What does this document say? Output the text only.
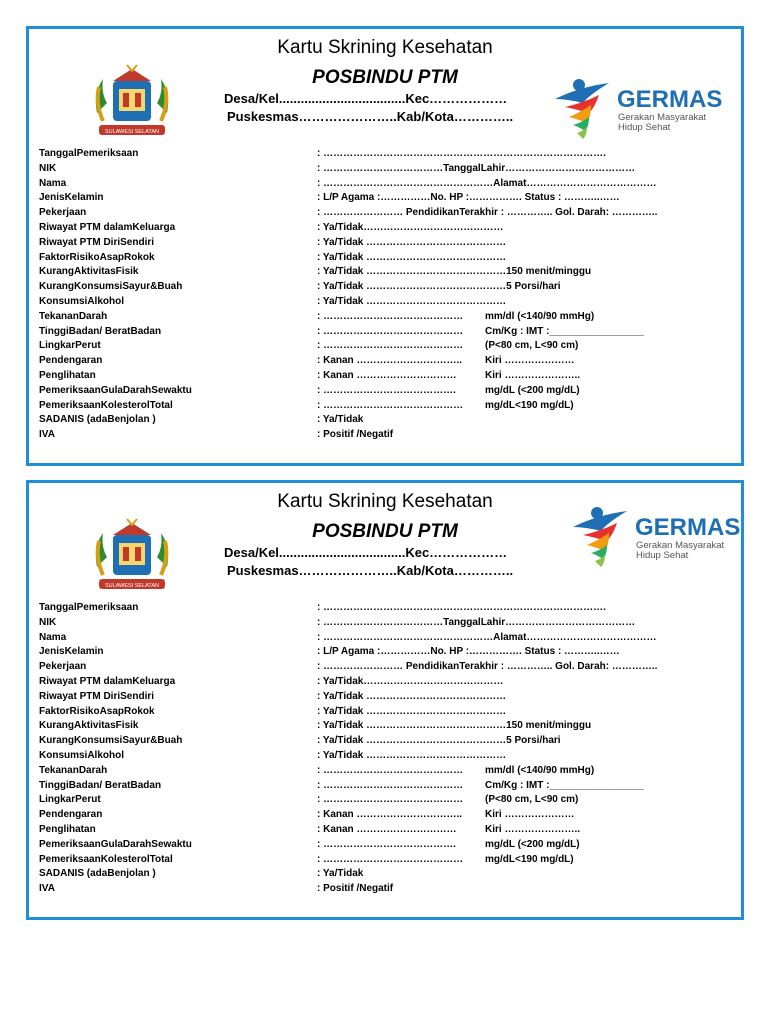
Kartu Skrining Kesehatan
POSBINDU PTM
Desa/Kel...................................Kec………………
Puskesmas…………………..Kab/Kota…………..
SULAWESI SELATAN
GERMAS
Gerakan Masyarakat
Hidup Sehat
TanggalPemeriksaan	: ………………………………………………………………………….
NIK	: ………………………………TanggalLahir…………………………………
Nama	: ……………………………………………Alamat…………………………………
JenisKelamin	: L/P Agama :……………No. HP :……………. Status : ………..……
Pekerjaan	: …………………… PendidikanTerakhir : ………….. Gol. Darah: …………..
Riwayat PTM dalamKeluarga	: Ya/Tidak……………………………………
Riwayat PTM DiriSendiri	: Ya/Tidak ……………………………………
FaktorRisikoAsapRokok	: Ya/Tidak ……………………………………
KurangAktivitasFisik	: Ya/Tidak ……………………………………150 menit/minggu
KurangKonsumsiSayur&Buah	: Ya/Tidak ……………………………………5 Porsi/hari
KonsumsiAlkohol	: Ya/Tidak ……………………………………
TekananDarah	: …………………………………… mm/dl (<140/90 mmHg)
TinggiBadan/ BeratBadan	: …………………………………… Cm/Kg : IMT :_________________
LingkarPerut	: …………………………………… (P<80 cm, L<90 cm)
Pendengaran	: Kanan ………………………….. Kiri …………………
Penglihatan	: Kanan …………………………	Kiri …………………..
PemeriksaanGulaDarahSewaktu	: ………………………………….	mg/dL (<200 mg/dL)
PemeriksaanKolesterolTotal	: …………………………………… mg/dL<190 mg/dL)
SADANIS (adaBenjolan )	: Ya/Tidak
IVA	: Positif /Negatif
Kartu Skrining Kesehatan
POSBINDU PTM
Desa/Kel...................................Kec………………
Puskesmas…………………..Kab/Kota…………..
SULAWESI SELATAN
GERMAS
Gerakan Masyarakat
Hidup Sehat
TanggalPemeriksaan	: ………………………………………………………………………….
NIK	: ………………………………TanggalLahir…………………………………
Nama	: ……………………………………………Alamat…………………………………
JenisKelamin	: L/P Agama :……………No. HP :……………. Status : ………..……
Pekerjaan	: …………………… PendidikanTerakhir : ………….. Gol. Darah: …………..
Riwayat PTM dalamKeluarga	: Ya/Tidak……………………………………
Riwayat PTM DiriSendiri	: Ya/Tidak ……………………………………
FaktorRisikoAsapRokok	: Ya/Tidak ……………………………………
KurangAktivitasFisik	: Ya/Tidak ……………………………………150 menit/minggu
KurangKonsumsiSayur&Buah	: Ya/Tidak ……………………………………5 Porsi/hari
KonsumsiAlkohol	: Ya/Tidak ……………………………………
TekananDarah	: …………………………………… mm/dl (<140/90 mmHg)
TinggiBadan/ BeratBadan	: …………………………………… Cm/Kg : IMT :_________________
LingkarPerut	: …………………………………… (P<80 cm, L<90 cm)
Pendengaran	: Kanan ………………………….. Kiri …………………
Penglihatan	: Kanan …………………………	Kiri …………………..
PemeriksaanGulaDarahSewaktu	: ………………………………….	mg/dL (<200 mg/dL)
PemeriksaanKolesterolTotal	: …………………………………… mg/dL<190 mg/dL)
SADANIS (adaBenjolan )	: Ya/Tidak
IVA	: Positif /Negatif
